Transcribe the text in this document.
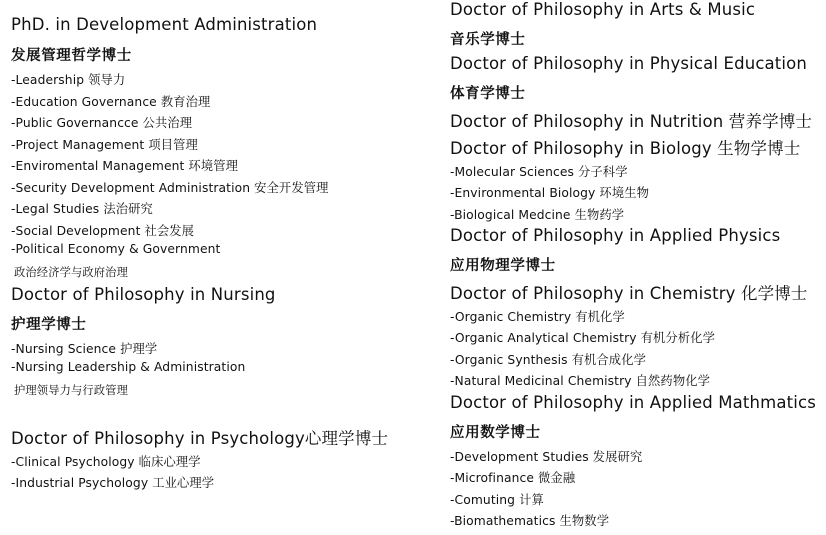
PhD. in Development Administration
发展管理哲学博士
-Leadership 领导力
-Education Governance 教育治理
-Public Governancce 公共治理
-Project Management 项目管理
-Enviromental Management 环境管理
-Security Development Administration 安全开发管理
-Legal Studies 法治研究
-Social Development 社会发展
-Political Economy & Government
政治经济学与政府治理
Doctor of Philosophy in Nursing
护理学博士
-Nursing Science 护理学
-Nursing Leadership & Administration
护理领导力与行政管理
Doctor of Philosophy in Psychology心理学博士
-Clinical Psychology 临床心理学
-Industrial Psychology 工业心理学
Doctor of Philosophy in Arts & Music
音乐学博士
Doctor of Philosophy in Physical Education
体育学博士
Doctor of Philosophy in Nutrition 营养学博士
Doctor of Philosophy in Biology 生物学博士
-Molecular Sciences 分子科学
-Environmental Biology 环境生物
-Biological Medcine 生物药学
Doctor of Philosophy in Applied Physics
应用物理学博士
Doctor of Philosophy in Chemistry 化学博士
-Organic Chemistry 有机化学
-Organic Analytical Chemistry 有机分析化学
-Organic Synthesis 有机合成化学
-Natural Medicinal Chemistry 自然药物化学
Doctor of Philosophy in Applied Mathmatics
应用数学博士
-Development Studies 发展研究
-Microfinance 微金融
-Comuting 计算
-Biomathematics 生物数学
